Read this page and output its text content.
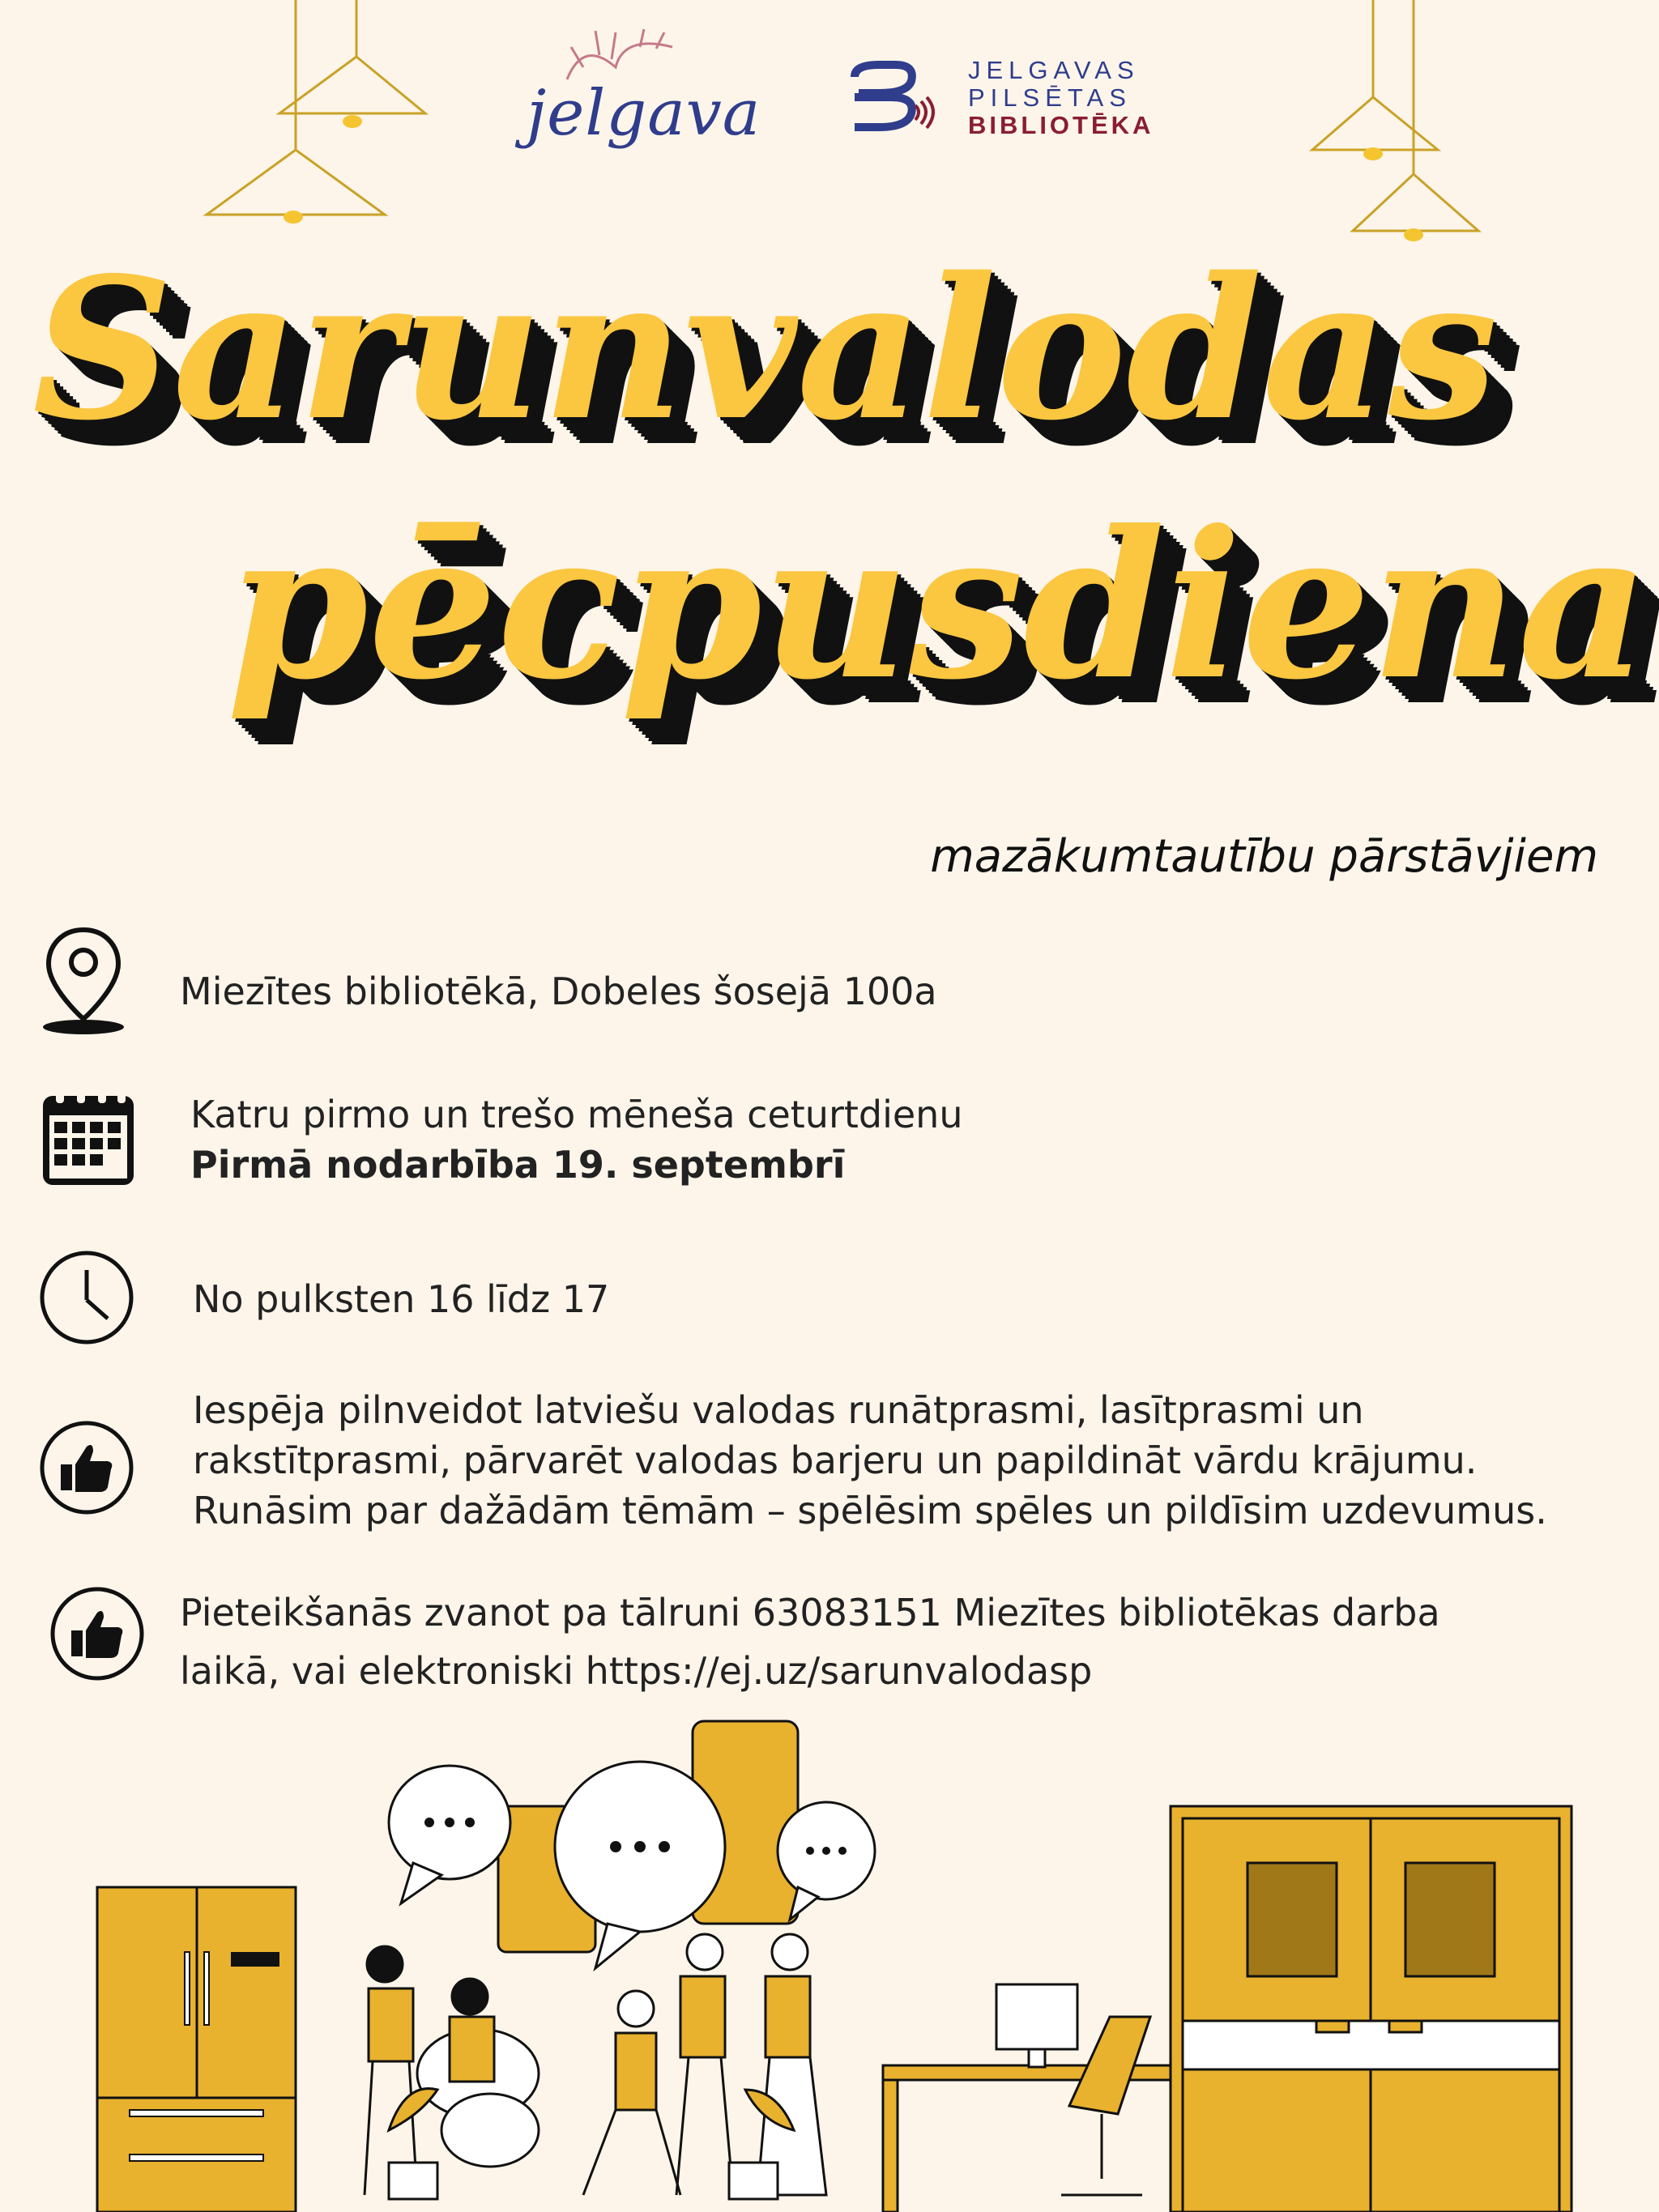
jelgava
JELGAVAS
PILSĒTAS
BIBLIOTĒKA
Sarunvalodas
pēcpusdiena
mazākumtautību pārstāvjiem
Miezītes bibliotēkā, Dobeles šosejā 100a
Katru pirmo un trešo mēneša ceturtdienu
Pirmā nodarbība 19. septembrī
No pulksten 16 līdz 17
Iespēja pilnveidot latviešu valodas runātprasmi, lasītprasmi un
rakstītprasmi, pārvarēt valodas barjeru un papildināt vārdu krājumu.
Runāsim par dažādām tēmām – spēlēsim spēles un pildīsim uzdevumus.
Pieteikšanās zvanot pa tālruni 63083151 Miezītes bibliotēkas darba
laikā, vai elektroniski https://ej.uz/sarunvalodasp
